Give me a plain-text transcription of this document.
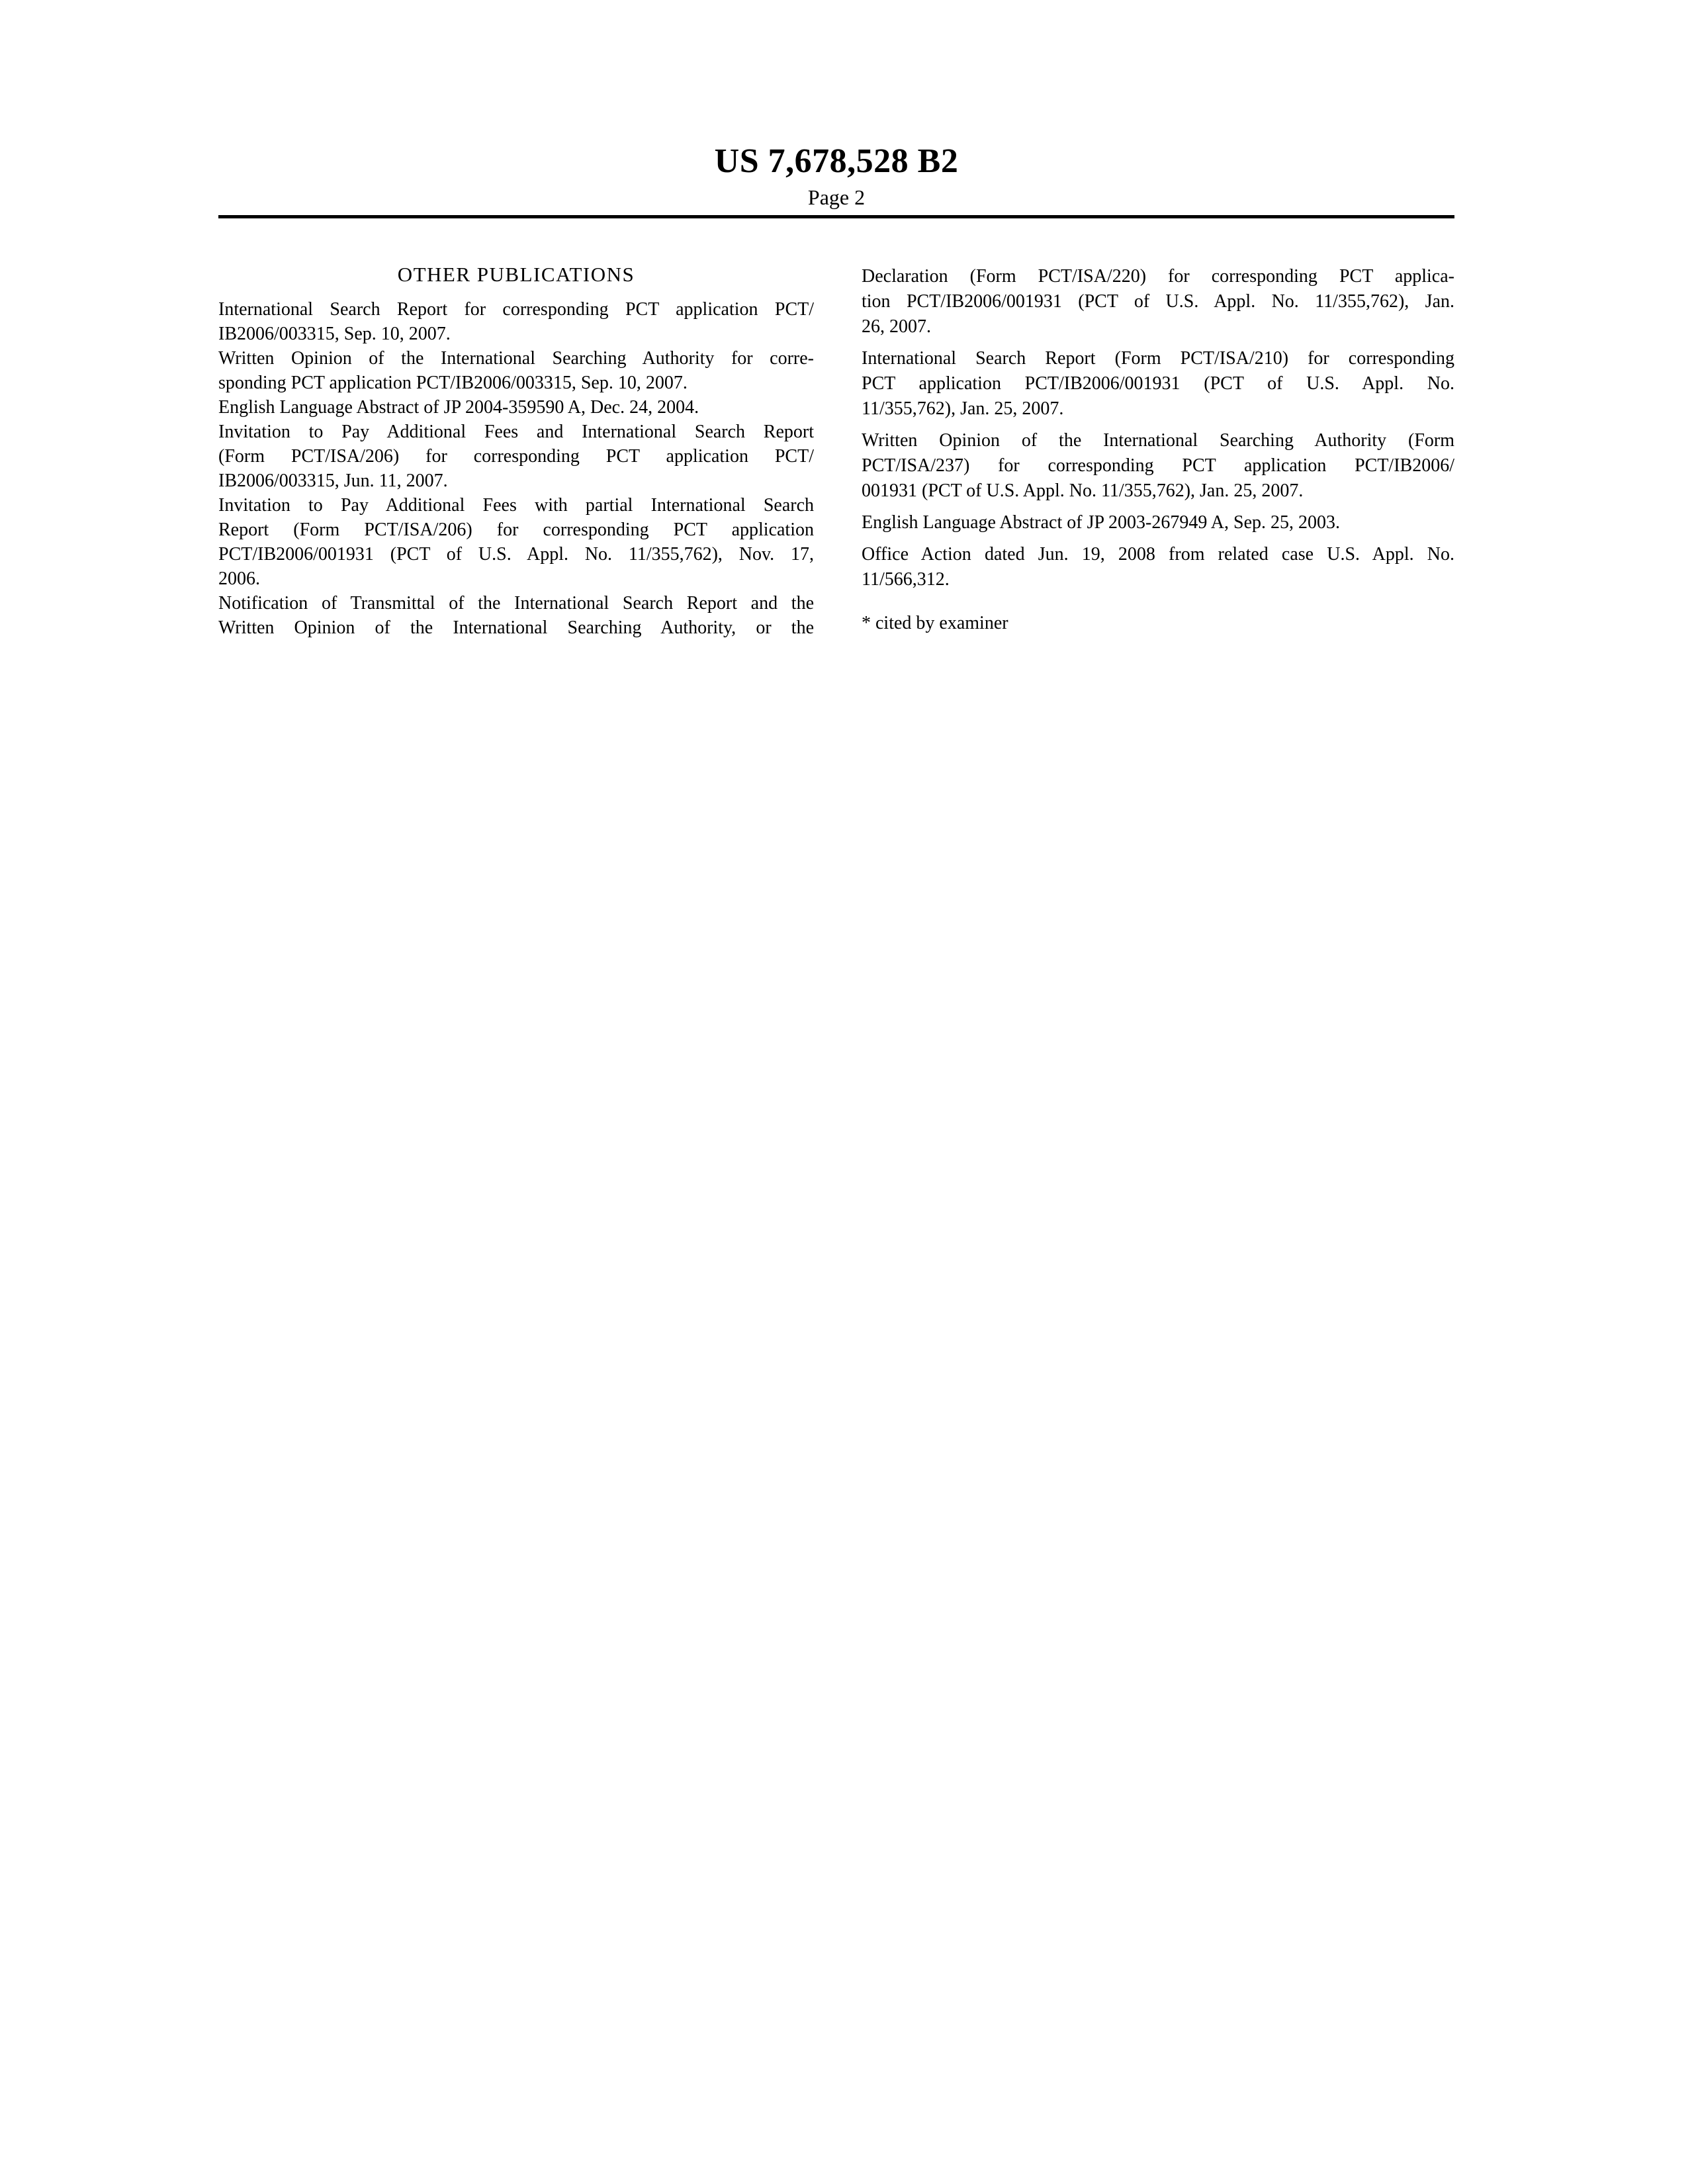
US 7,678,528 B2
Page 2
OTHER PUBLICATIONS
International Search Report for corresponding PCT application PCT/
IB2006/003315, Sep. 10, 2007.
Written Opinion of the International Searching Authority for corre-
sponding PCT application PCT/IB2006/003315, Sep. 10, 2007.
English Language Abstract of JP 2004-359590 A, Dec. 24, 2004.
Invitation to Pay Additional Fees and International Search Report
(Form PCT/ISA/206) for corresponding PCT application PCT/
IB2006/003315, Jun. 11, 2007.
Invitation to Pay Additional Fees with partial International Search
Report (Form PCT/ISA/206) for corresponding PCT application
PCT/IB2006/001931 (PCT of U.S. Appl. No. 11/355,762), Nov. 17,
2006.
Notification of Transmittal of the International Search Report and the
Written Opinion of the International Searching Authority, or the
Declaration (Form PCT/ISA/220) for corresponding PCT applica-
tion PCT/IB2006/001931 (PCT of U.S. Appl. No. 11/355,762), Jan.
26, 2007.
International Search Report (Form PCT/ISA/210) for corresponding
PCT application PCT/IB2006/001931 (PCT of U.S. Appl. No.
11/355,762), Jan. 25, 2007.
Written Opinion of the International Searching Authority (Form
PCT/ISA/237) for corresponding PCT application PCT/IB2006/
001931 (PCT of U.S. Appl. No. 11/355,762), Jan. 25, 2007.
English Language Abstract of JP 2003-267949 A, Sep. 25, 2003.
Office Action dated Jun. 19, 2008 from related case U.S. Appl. No.
11/566,312.
* cited by examiner
